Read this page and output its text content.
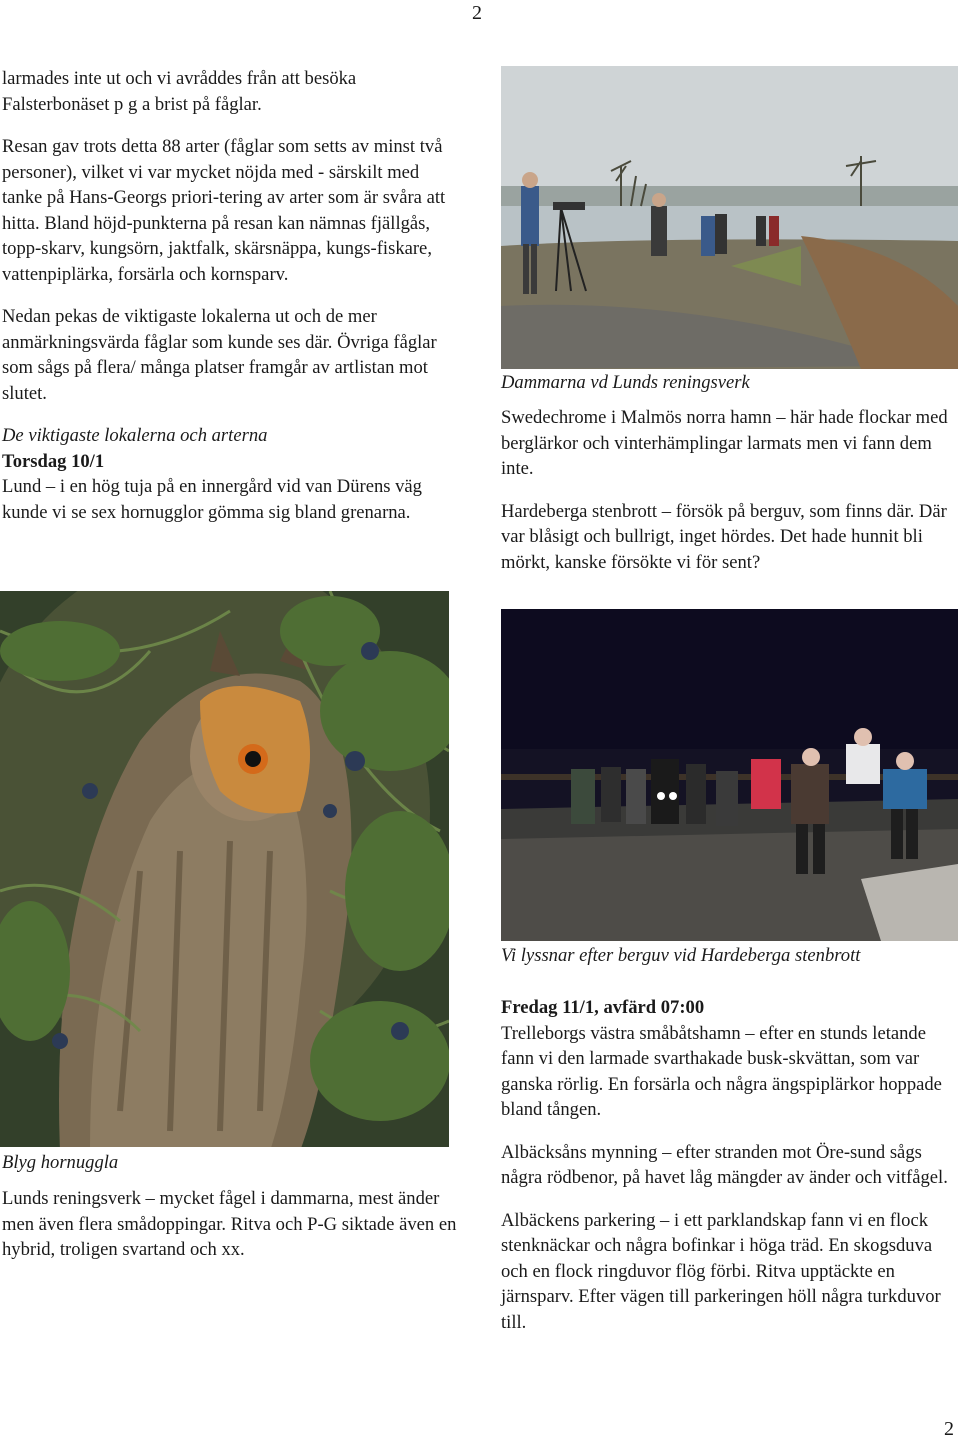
2

larmades inte ut och vi avråddes från att besöka Falsterbonäset p g a brist på fåglar.

Resan gav trots detta 88 arter (fåglar som setts av minst två personer), vilket vi var mycket nöjda med - särskilt med tanke på Hans-Georgs priori-tering av arter som är svåra att hitta. Bland höjd-punkterna på resan kan nämnas fjällgås, topp-skarv, kungsörn, jaktfalk, skärsnäppa, kungs-fiskare, vattenpiplärka, forsärla och kornsparv.

Nedan pekas de viktigaste lokalerna ut och de mer anmärkningsvärda fåglar som kunde ses där. Övriga fåglar som sågs på flera/ många platser framgår av artlistan mot slutet.

De viktigaste lokalerna och arterna

Torsdag 10/1

Lund – i en hög tuja på en innergård vid van Dürens väg kunde vi se sex hornugglor gömma sig bland grenarna.

Blyg hornuggla

Lunds reningsverk – mycket fågel i dammarna, mest änder men även flera smådoppingar. Ritva och P-G siktade även en hybrid, troligen svartand och xx.

Dammarna vd Lunds reningsverk

Swedechrome i Malmös norra hamn – här hade flockar med berglärkor och vinterhämplingar larmats men vi fann dem inte.

Hardeberga stenbrott – försök på berguv, som finns där. Där var blåsigt och bullrigt, inget hördes. Det hade hunnit bli mörkt, kanske försökte vi för sent?

Vi lyssnar efter berguv vid Hardeberga stenbrott

Fredag 11/1, avfärd 07:00

Trelleborgs västra småbåtshamn – efter en stunds letande fann vi den larmade svarthakade busk-skvättan, som var ganska rörlig. En forsärla och några ängspiplärkor hoppade bland tången.

Albäcksåns mynning – efter stranden mot Öre-sund sågs några rödbenor, på havet låg mängder av änder och vitfågel.

Albäckens parkering – i ett parklandskap fann vi en flock stenknäckar och några bofinkar i höga träd. En skogsduva och en flock ringduvor flög förbi. Ritva upptäckte en järnsparv. Efter vägen till parkeringen höll några turkduvor till.

2
